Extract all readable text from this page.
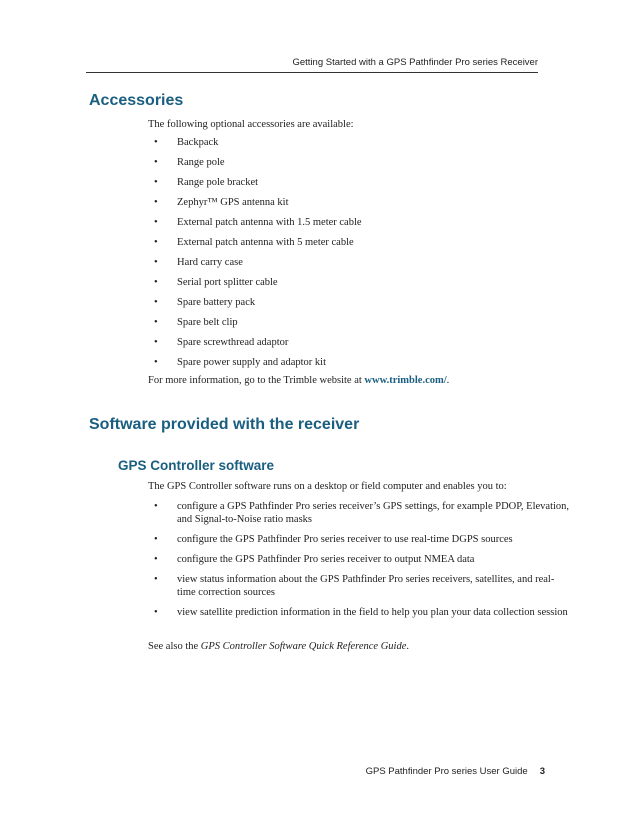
Getting Started with a GPS Pathfinder Pro series Receiver
Accessories
The following optional accessories are available:
• Backpack
• Range pole
• Range pole bracket
• Zephyr™ GPS antenna kit
• External patch antenna with 1.5 meter cable
• External patch antenna with 5 meter cable
• Hard carry case
• Serial port splitter cable
• Spare battery pack
• Spare belt clip
• Spare screwthread adaptor
• Spare power supply and adaptor kit
For more information, go to the Trimble website at www.trimble.com/.
Software provided with the receiver
GPS Controller software
The GPS Controller software runs on a desktop or field computer and enables you to:
• configure a GPS Pathfinder Pro series receiver’s GPS settings, for example PDOP, Elevation, and Signal-to-Noise ratio masks
• configure the GPS Pathfinder Pro series receiver to use real-time DGPS sources
• configure the GPS Pathfinder Pro series receiver to output NMEA data
• view status information about the GPS Pathfinder Pro series receivers, satellites, and real-time correction sources
• view satellite prediction information in the field to help you plan your data collection session
See also the GPS Controller Software Quick Reference Guide.
GPS Pathfinder Pro series User Guide 3
